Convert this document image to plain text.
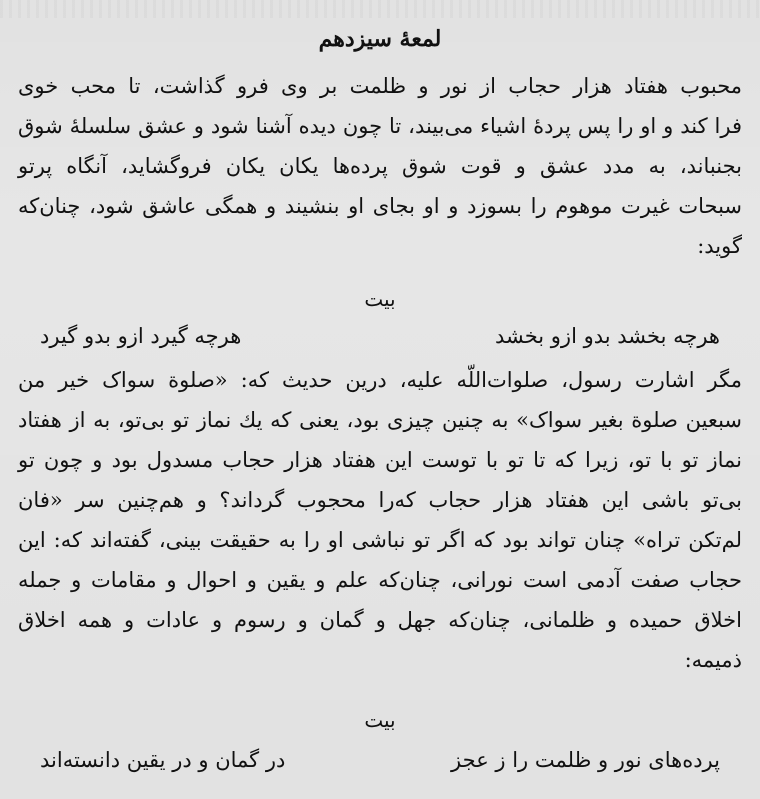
لمعهٔ سیزدهم
محبوب هفتاد هزار حجاب از نور و ظلمت بر وی فرو گذاشت، تا محب خوی
فرا کند و او را پس پردهٔ اشیاء می‌بیند، تا چون دیده آشنا شود و عشق سلسلهٔ شوق
بجنباند، به مدد عشق و قوت شوق پرده‌ها یکان یکان فروگشاید، آنگاه پرتو
سبحات غیرت موهوم را بسوزد و او بجای او بنشیند و همگی عاشق شود، چنان‌که
گوید:
بیت
هرچه بخشد بدو ازو بخشد
هرچه گیرد ازو بدو گیرد
مگر اشارت رسول، صلوات‌اللّه علیه، درین حدیث که: «صلوة سواک خیر من
سبعین صلوة بغیر سواک» به چنین چیزی بود، یعنی که یك نماز تو بی‌تو، به از هفتاد
نماز تو با تو، زیرا که تا تو با توست این هفتاد هزار حجاب مسدول بود و چون تو
بی‌تو باشی این هفتاد هزار حجاب که‌را محجوب گرداند؟ و هم‌چنین سر «فان
لم‌تکن تراه» چنان تواند بود که اگر تو نباشی او را به حقیقت بینی، گفته‌اند که: این
حجاب صفت آدمی است نورانی، چنان‌که علم و یقین و احوال و مقامات و جمله
اخلاق حمیده و ظلمانی، چنان‌که جهل و گمان و رسوم و عادات و همه اخلاق
ذمیمه:
بیت
پرده‌های نور و ظلمت را ز عجز
در گمان و در یقین دانسته‌اند
